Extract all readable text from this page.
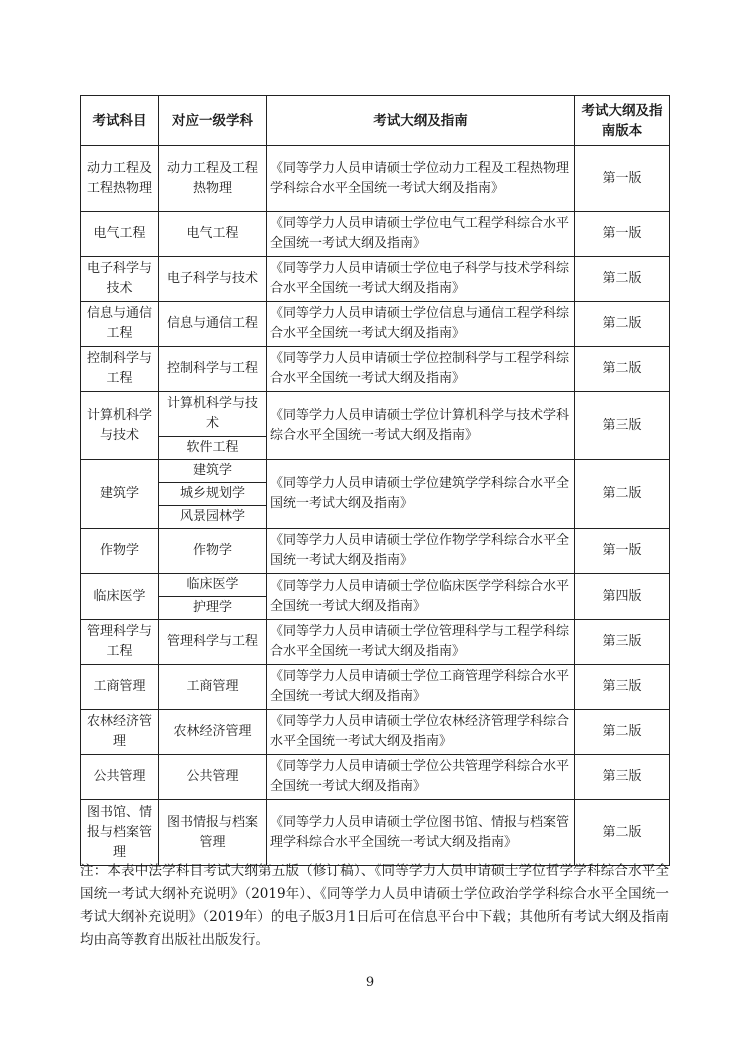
考试科目	对应一级学科	考试大纲及指南	考试大纲及指南版本
动力工程及工程热物理	动力工程及工程热物理	《同等学力人员申请硕士学位动力工程及工程热物理学科综合水平全国统一考试大纲及指南》	第一版
电气工程	电气工程	《同等学力人员申请硕士学位电气工程学科综合水平全国统一考试大纲及指南》	第一版
电子科学与技术	电子科学与技术	《同等学力人员申请硕士学位电子科学与技术学科综合水平全国统一考试大纲及指南》	第二版
信息与通信工程	信息与通信工程	《同等学力人员申请硕士学位信息与通信工程学科综合水平全国统一考试大纲及指南》	第二版
控制科学与工程	控制科学与工程	《同等学力人员申请硕士学位控制科学与工程学科综合水平全国统一考试大纲及指南》	第二版
计算机科学与技术	计算机科学与技术	《同等学力人员申请硕士学位计算机科学与技术学科综合水平全国统一考试大纲及指南》	第三版
	软件工程		
建筑学	建筑学	《同等学力人员申请硕士学位建筑学学科综合水平全国统一考试大纲及指南》	第二版
	城乡规划学		
	风景园林学		
作物学	作物学	《同等学力人员申请硕士学位作物学学科综合水平全国统一考试大纲及指南》	第一版
临床医学	临床医学	《同等学力人员申请硕士学位临床医学学科综合水平全国统一考试大纲及指南》	第四版
	护理学		
管理科学与工程	管理科学与工程	《同等学力人员申请硕士学位管理科学与工程学科综合水平全国统一考试大纲及指南》	第三版
工商管理	工商管理	《同等学力人员申请硕士学位工商管理学科综合水平全国统一考试大纲及指南》	第三版
农林经济管理	农林经济管理	《同等学力人员申请硕士学位农林经济管理学科综合水平全国统一考试大纲及指南》	第二版
公共管理	公共管理	《同等学力人员申请硕士学位公共管理学科综合水平全国统一考试大纲及指南》	第三版
图书馆、情报与档案管理	图书情报与档案管理	《同等学力人员申请硕士学位图书馆、情报与档案管理学科综合水平全国统一考试大纲及指南》	第二版
注：本表中法学科目考试大纲第五版（修订稿）、《同等学力人员申请硕士学位哲学学科综合水平全国统一考试大纲补充说明》（2019年）、《同等学力人员申请硕士学位政治学学科综合水平全国统一考试大纲补充说明》（2019年）的电子版3月1日后可在信息平台中下载；其他所有考试大纲及指南均由高等教育出版社出版发行。
9
